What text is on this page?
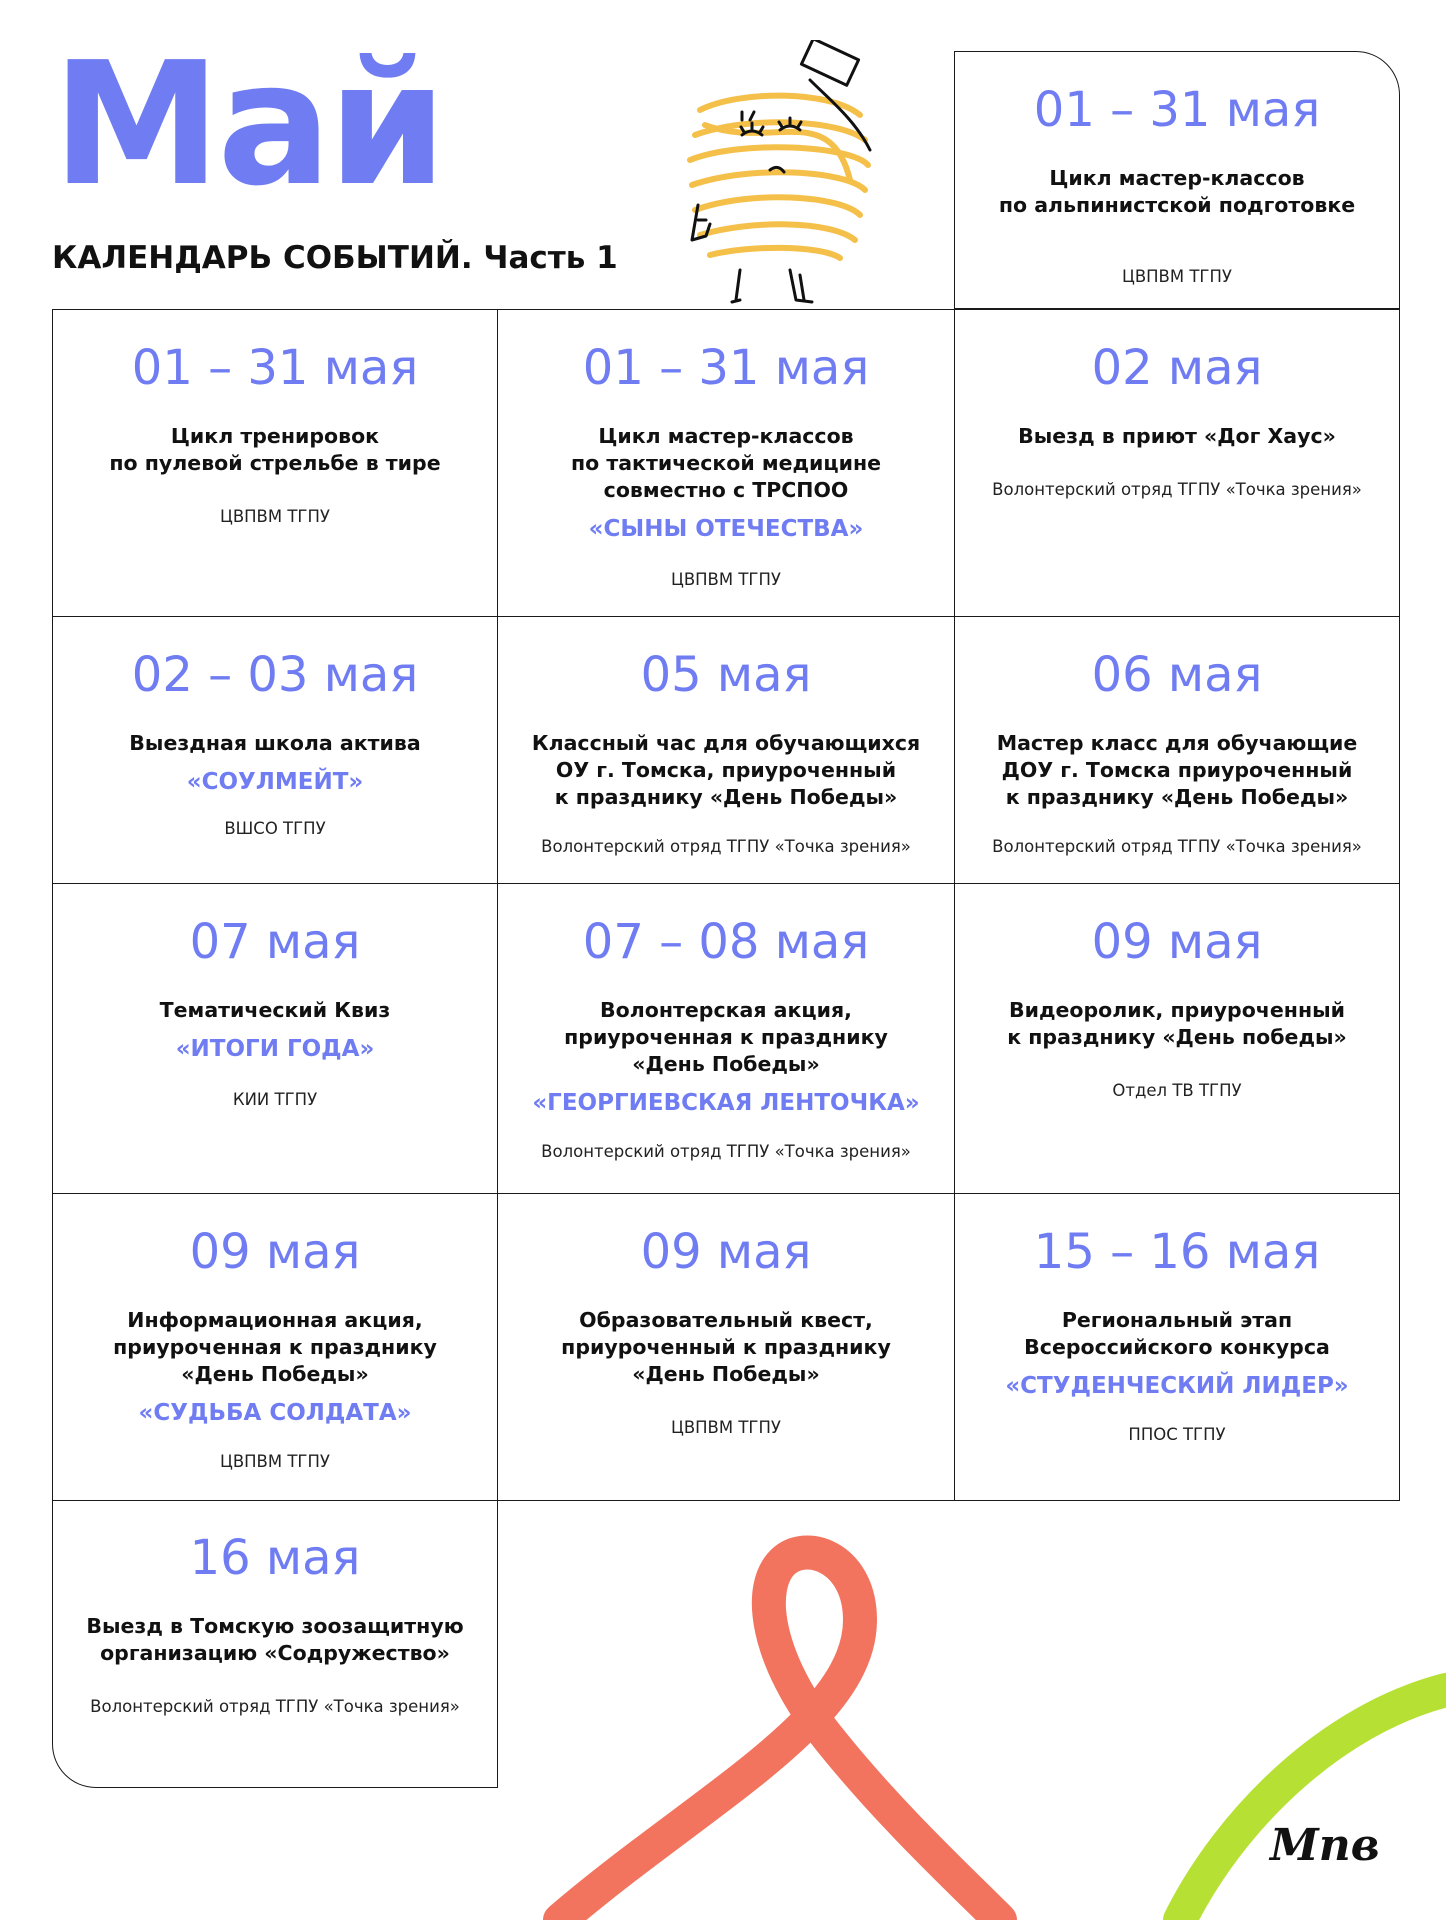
Май
КАЛЕНДАРЬ СОБЫТИЙ. Часть 1
01 – 31 мая
Цикл мастер-классов
по альпинистской подготовке
ЦВПВМ ТГПУ
01 – 31 мая
Цикл тренировок
по пулевой стрельбе в тире
ЦВПВМ ТГПУ
01 – 31 мая
Цикл мастер-классов
по тактической медицине
совместно с ТРСПОО
«СЫНЫ ОТЕЧЕСТВА»
ЦВПВМ ТГПУ
02 мая
Выезд в приют «Дог Хаус»
Волонтерский отряд ТГПУ «Точка зрения»
02 – 03 мая
Выездная школа актива
«СОУЛМЕЙТ»
ВШСО ТГПУ
05 мая
Классный час для обучающихся
ОУ г. Томска, приуроченный
к празднику «День Победы»
Волонтерский отряд ТГПУ «Точка зрения»
06 мая
Мастер класс для обучающие
ДОУ г. Томска приуроченный
к празднику «День Победы»
Волонтерский отряд ТГПУ «Точка зрения»
07 мая
Тематический Квиз
«ИТОГИ ГОДА»
КИИ ТГПУ
07 – 08 мая
Волонтерская акция,
приуроченная к празднику
«День Победы»
«ГЕОРГИЕВСКАЯ ЛЕНТОЧКА»
Волонтерский отряд ТГПУ «Точка зрения»
09 мая
Видеоролик, приуроченный
к празднику «День победы»
Отдел ТВ ТГПУ
09 мая
Информационная акция,
приуроченная к празднику
«День Победы»
«СУДЬБА СОЛДАТА»
ЦВПВМ ТГПУ
09 мая
Образовательный квест,
приуроченный к празднику
«День Победы»
ЦВПВМ ТГПУ
15 – 16 мая
Региональный этап
Всероссийского конкурса
«СТУДЕНЧЕСКИЙ ЛИДЕР»
ППОС ТГПУ
16 мая
Выезд в Томскую зоозащитную
организацию «Содружество»
Волонтерский отряд ТГПУ «Точка зрения»
Мпв
